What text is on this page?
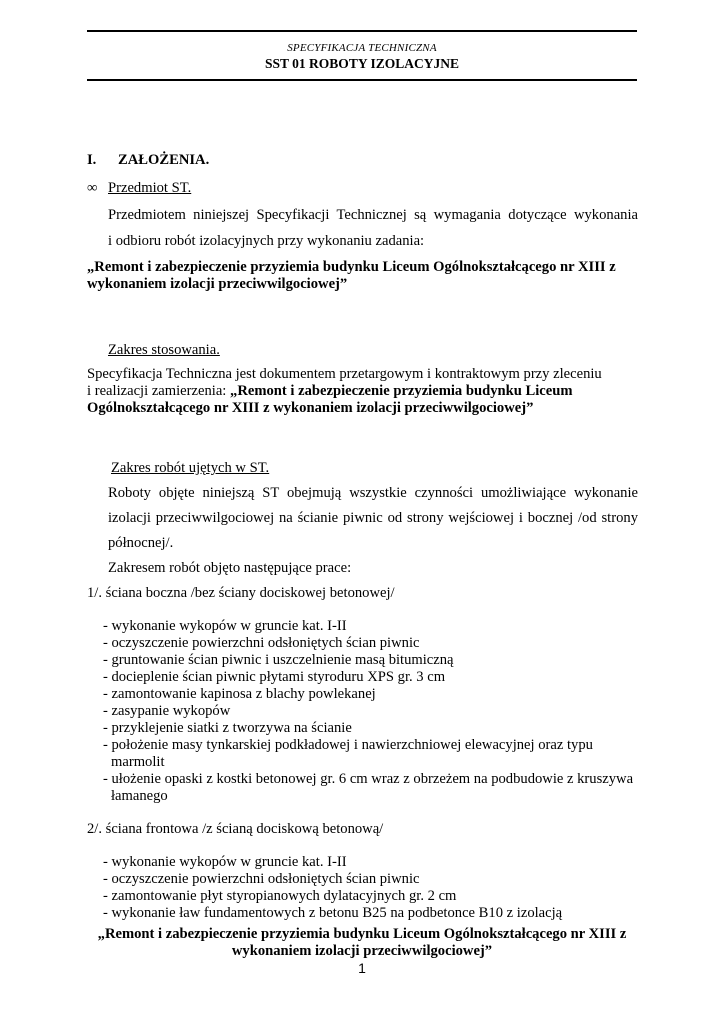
SPECYFIKACJA TECHNICZNA
SST 01 ROBOTY IZOLACYJNE
I. ZAŁOŻENIA.
∞ Przedmiot ST.
Przedmiotem niniejszej Specyfikacji Technicznej są wymagania dotyczące wykonania
i odbioru robót izolacyjnych przy wykonaniu zadania:
„Remont i zabezpieczenie przyziemia budynku Liceum Ogólnokształcącego nr XIII z
wykonaniem izolacji przeciwwilgociowej”
Zakres stosowania.
Specyfikacja Techniczna jest dokumentem przetargowym i kontraktowym przy zleceniu
i realizacji zamierzenia: „Remont i zabezpieczenie przyziemia budynku Liceum
Ogólnokształcącego nr XIII z wykonaniem izolacji przeciwwilgociowej”
Zakres robót ujętych w ST.
Roboty objęte niniejszą ST obejmują wszystkie czynności umożliwiające wykonanie
izolacji przeciwwilgociowej na ścianie piwnic od strony wejściowej i bocznej /od strony
północnej/.
Zakresem robót objęto następujące prace:
1/. ściana boczna /bez ściany dociskowej betonowej/
- wykonanie wykopów w gruncie kat. I-II
- oczyszczenie powierzchni odsłoniętych ścian piwnic
- gruntowanie ścian piwnic i uszczelnienie masą bitumiczną
- docieplenie ścian piwnic płytami styroduru XPS gr. 3 cm
- zamontowanie kapinosa z blachy powlekanej
- zasypanie wykopów
- przyklejenie siatki z tworzywa na ścianie
- położenie masy tynkarskiej podkładowej i nawierzchniowej elewacyjnej oraz typu
marmolit
- ułożenie opaski z kostki betonowej gr. 6 cm wraz z obrzeżem na podbudowie z kruszywa
łamanego
2/. ściana frontowa /z ścianą dociskową betonową/
- wykonanie wykopów w gruncie kat. I-II
- oczyszczenie powierzchni odsłoniętych ścian piwnic
- zamontowanie płyt styropianowych dylatacyjnych gr. 2 cm
- wykonanie ław fundamentowych z betonu B25 na podbetonce B10 z izolacją
„Remont i zabezpieczenie przyziemia budynku Liceum Ogólnokształcącego nr XIII z
wykonaniem izolacji przeciwwilgociowej”
1
